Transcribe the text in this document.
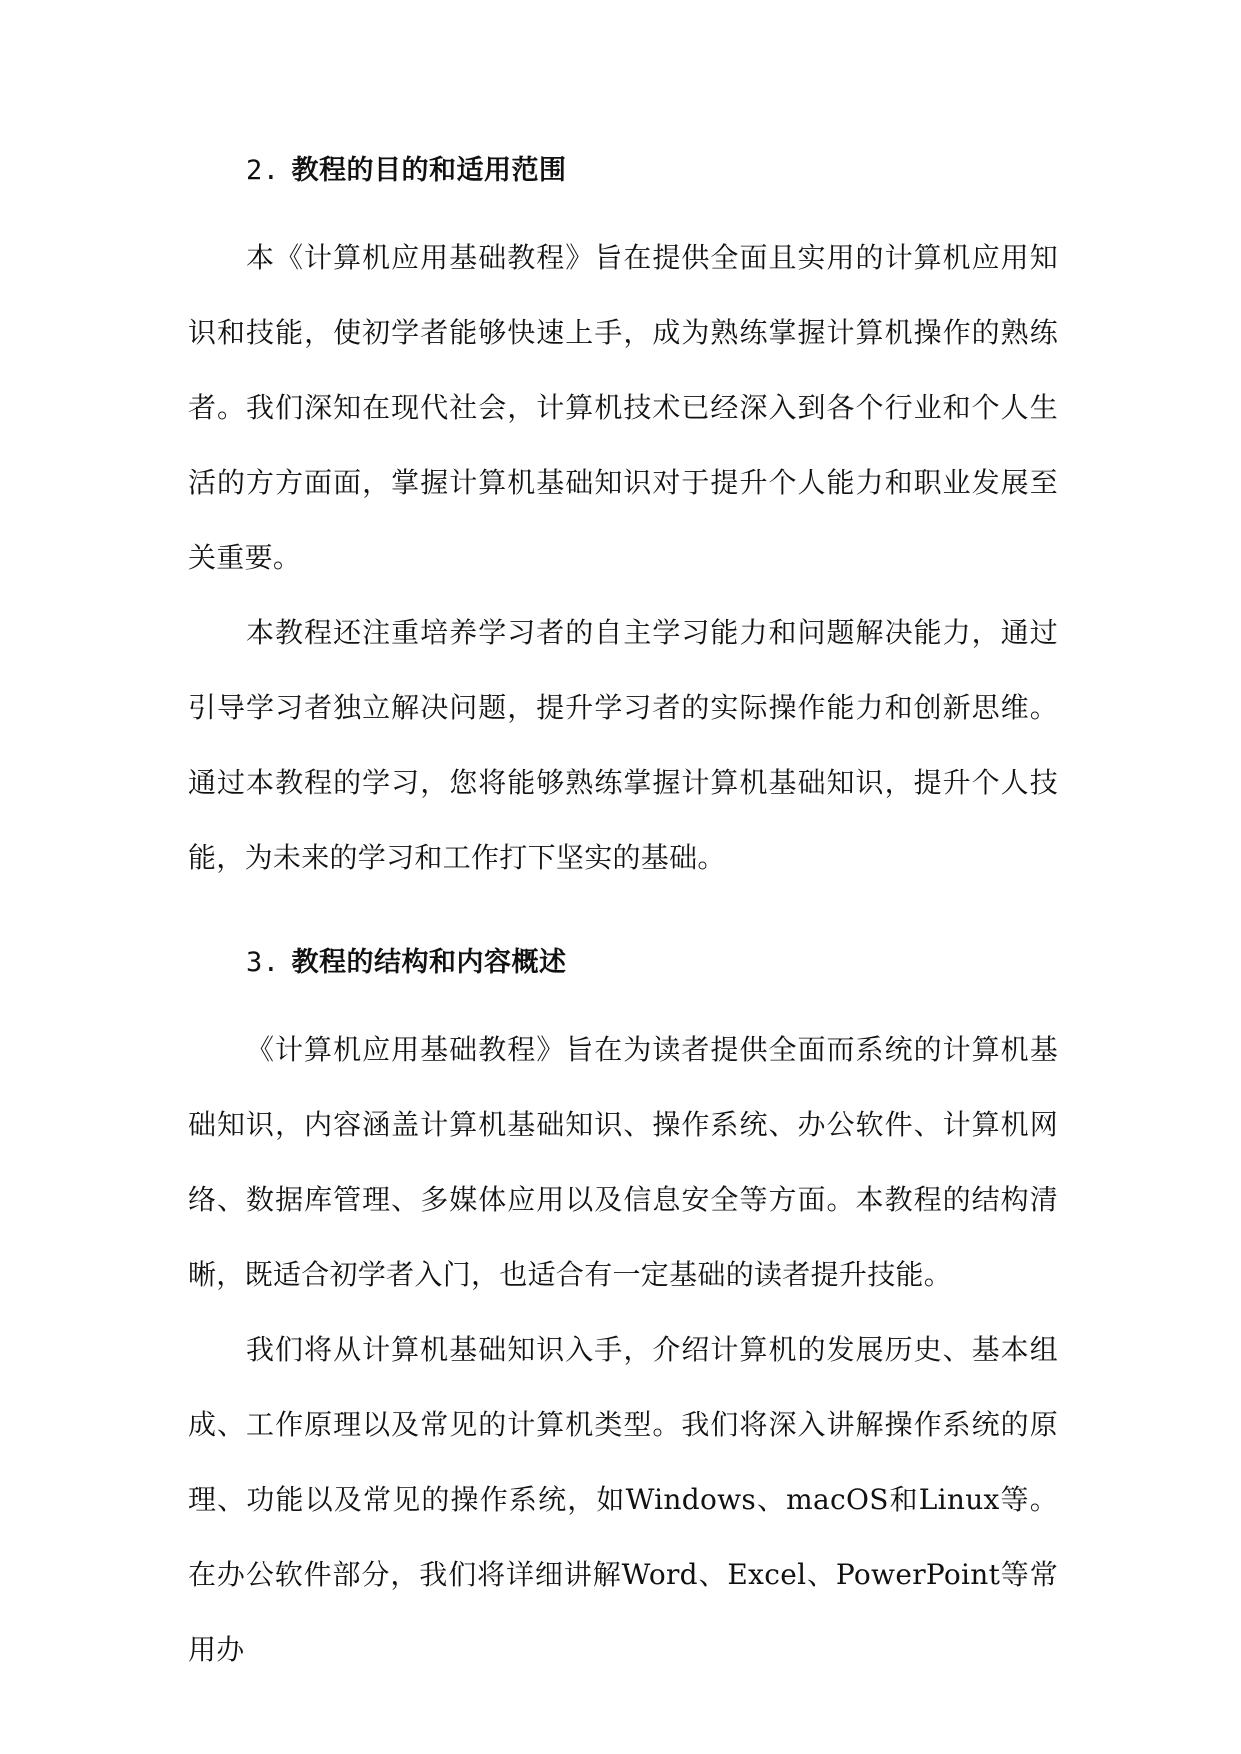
2. 教程的目的和适用范围

本《计算机应用基础教程》旨在提供全面且实用的计算机应用知识和技能，使初学者能够快速上手，成为熟练掌握计算机操作的熟练者。我们深知在现代社会，计算机技术已经深入到各个行业和个人生活的方方面面，掌握计算机基础知识对于提升个人能力和职业发展至关重要。

本教程还注重培养学习者的自主学习能力和问题解决能力，通过引导学习者独立解决问题，提升学习者的实际操作能力和创新思维。通过本教程的学习，您将能够熟练掌握计算机基础知识，提升个人技能，为未来的学习和工作打下坚实的基础。

3. 教程的结构和内容概述

《计算机应用基础教程》旨在为读者提供全面而系统的计算机基础知识，内容涵盖计算机基础知识、操作系统、办公软件、计算机网络、数据库管理、多媒体应用以及信息安全等方面。本教程的结构清晰，既适合初学者入门，也适合有一定基础的读者提升技能。

我们将从计算机基础知识入手，介绍计算机的发展历史、基本组成、工作原理以及常见的计算机类型。我们将深入讲解操作系统的原理、功能以及常见的操作系统，如Windows、macOS和Linux等。在办公软件部分，我们将详细讲解Word、Excel、PowerPoint等常用办
